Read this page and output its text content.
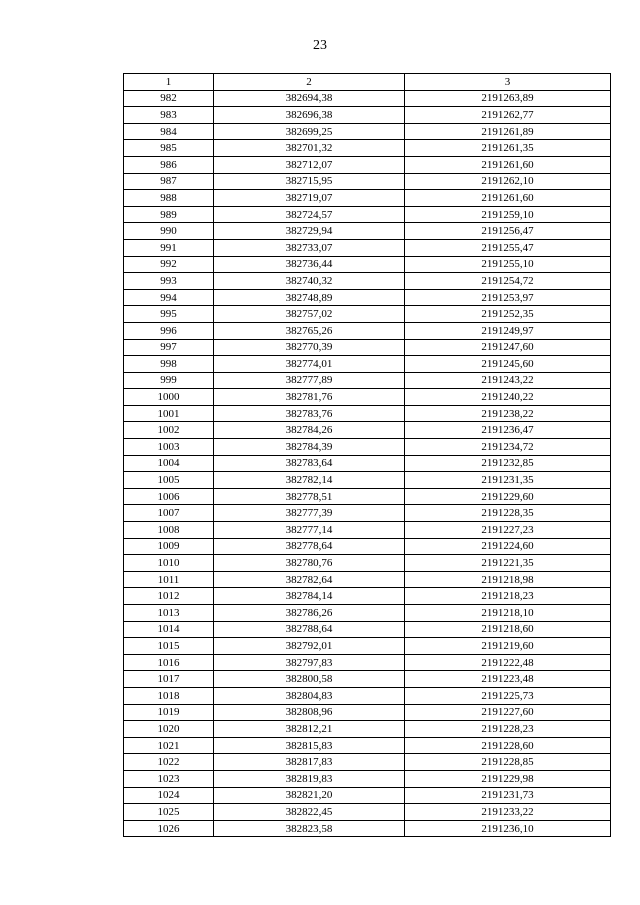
23
1	2	3
982	382694,38	2191263,89
983	382696,38	2191262,77
984	382699,25	2191261,89
985	382701,32	2191261,35
986	382712,07	2191261,60
987	382715,95	2191262,10
988	382719,07	2191261,60
989	382724,57	2191259,10
990	382729,94	2191256,47
991	382733,07	2191255,47
992	382736,44	2191255,10
993	382740,32	2191254,72
994	382748,89	2191253,97
995	382757,02	2191252,35
996	382765,26	2191249,97
997	382770,39	2191247,60
998	382774,01	2191245,60
999	382777,89	2191243,22
1000	382781,76	2191240,22
1001	382783,76	2191238,22
1002	382784,26	2191236,47
1003	382784,39	2191234,72
1004	382783,64	2191232,85
1005	382782,14	2191231,35
1006	382778,51	2191229,60
1007	382777,39	2191228,35
1008	382777,14	2191227,23
1009	382778,64	2191224,60
1010	382780,76	2191221,35
1011	382782,64	2191218,98
1012	382784,14	2191218,23
1013	382786,26	2191218,10
1014	382788,64	2191218,60
1015	382792,01	2191219,60
1016	382797,83	2191222,48
1017	382800,58	2191223,48
1018	382804,83	2191225,73
1019	382808,96	2191227,60
1020	382812,21	2191228,23
1021	382815,83	2191228,60
1022	382817,83	2191228,85
1023	382819,83	2191229,98
1024	382821,20	2191231,73
1025	382822,45	2191233,22
1026	382823,58	2191236,10
